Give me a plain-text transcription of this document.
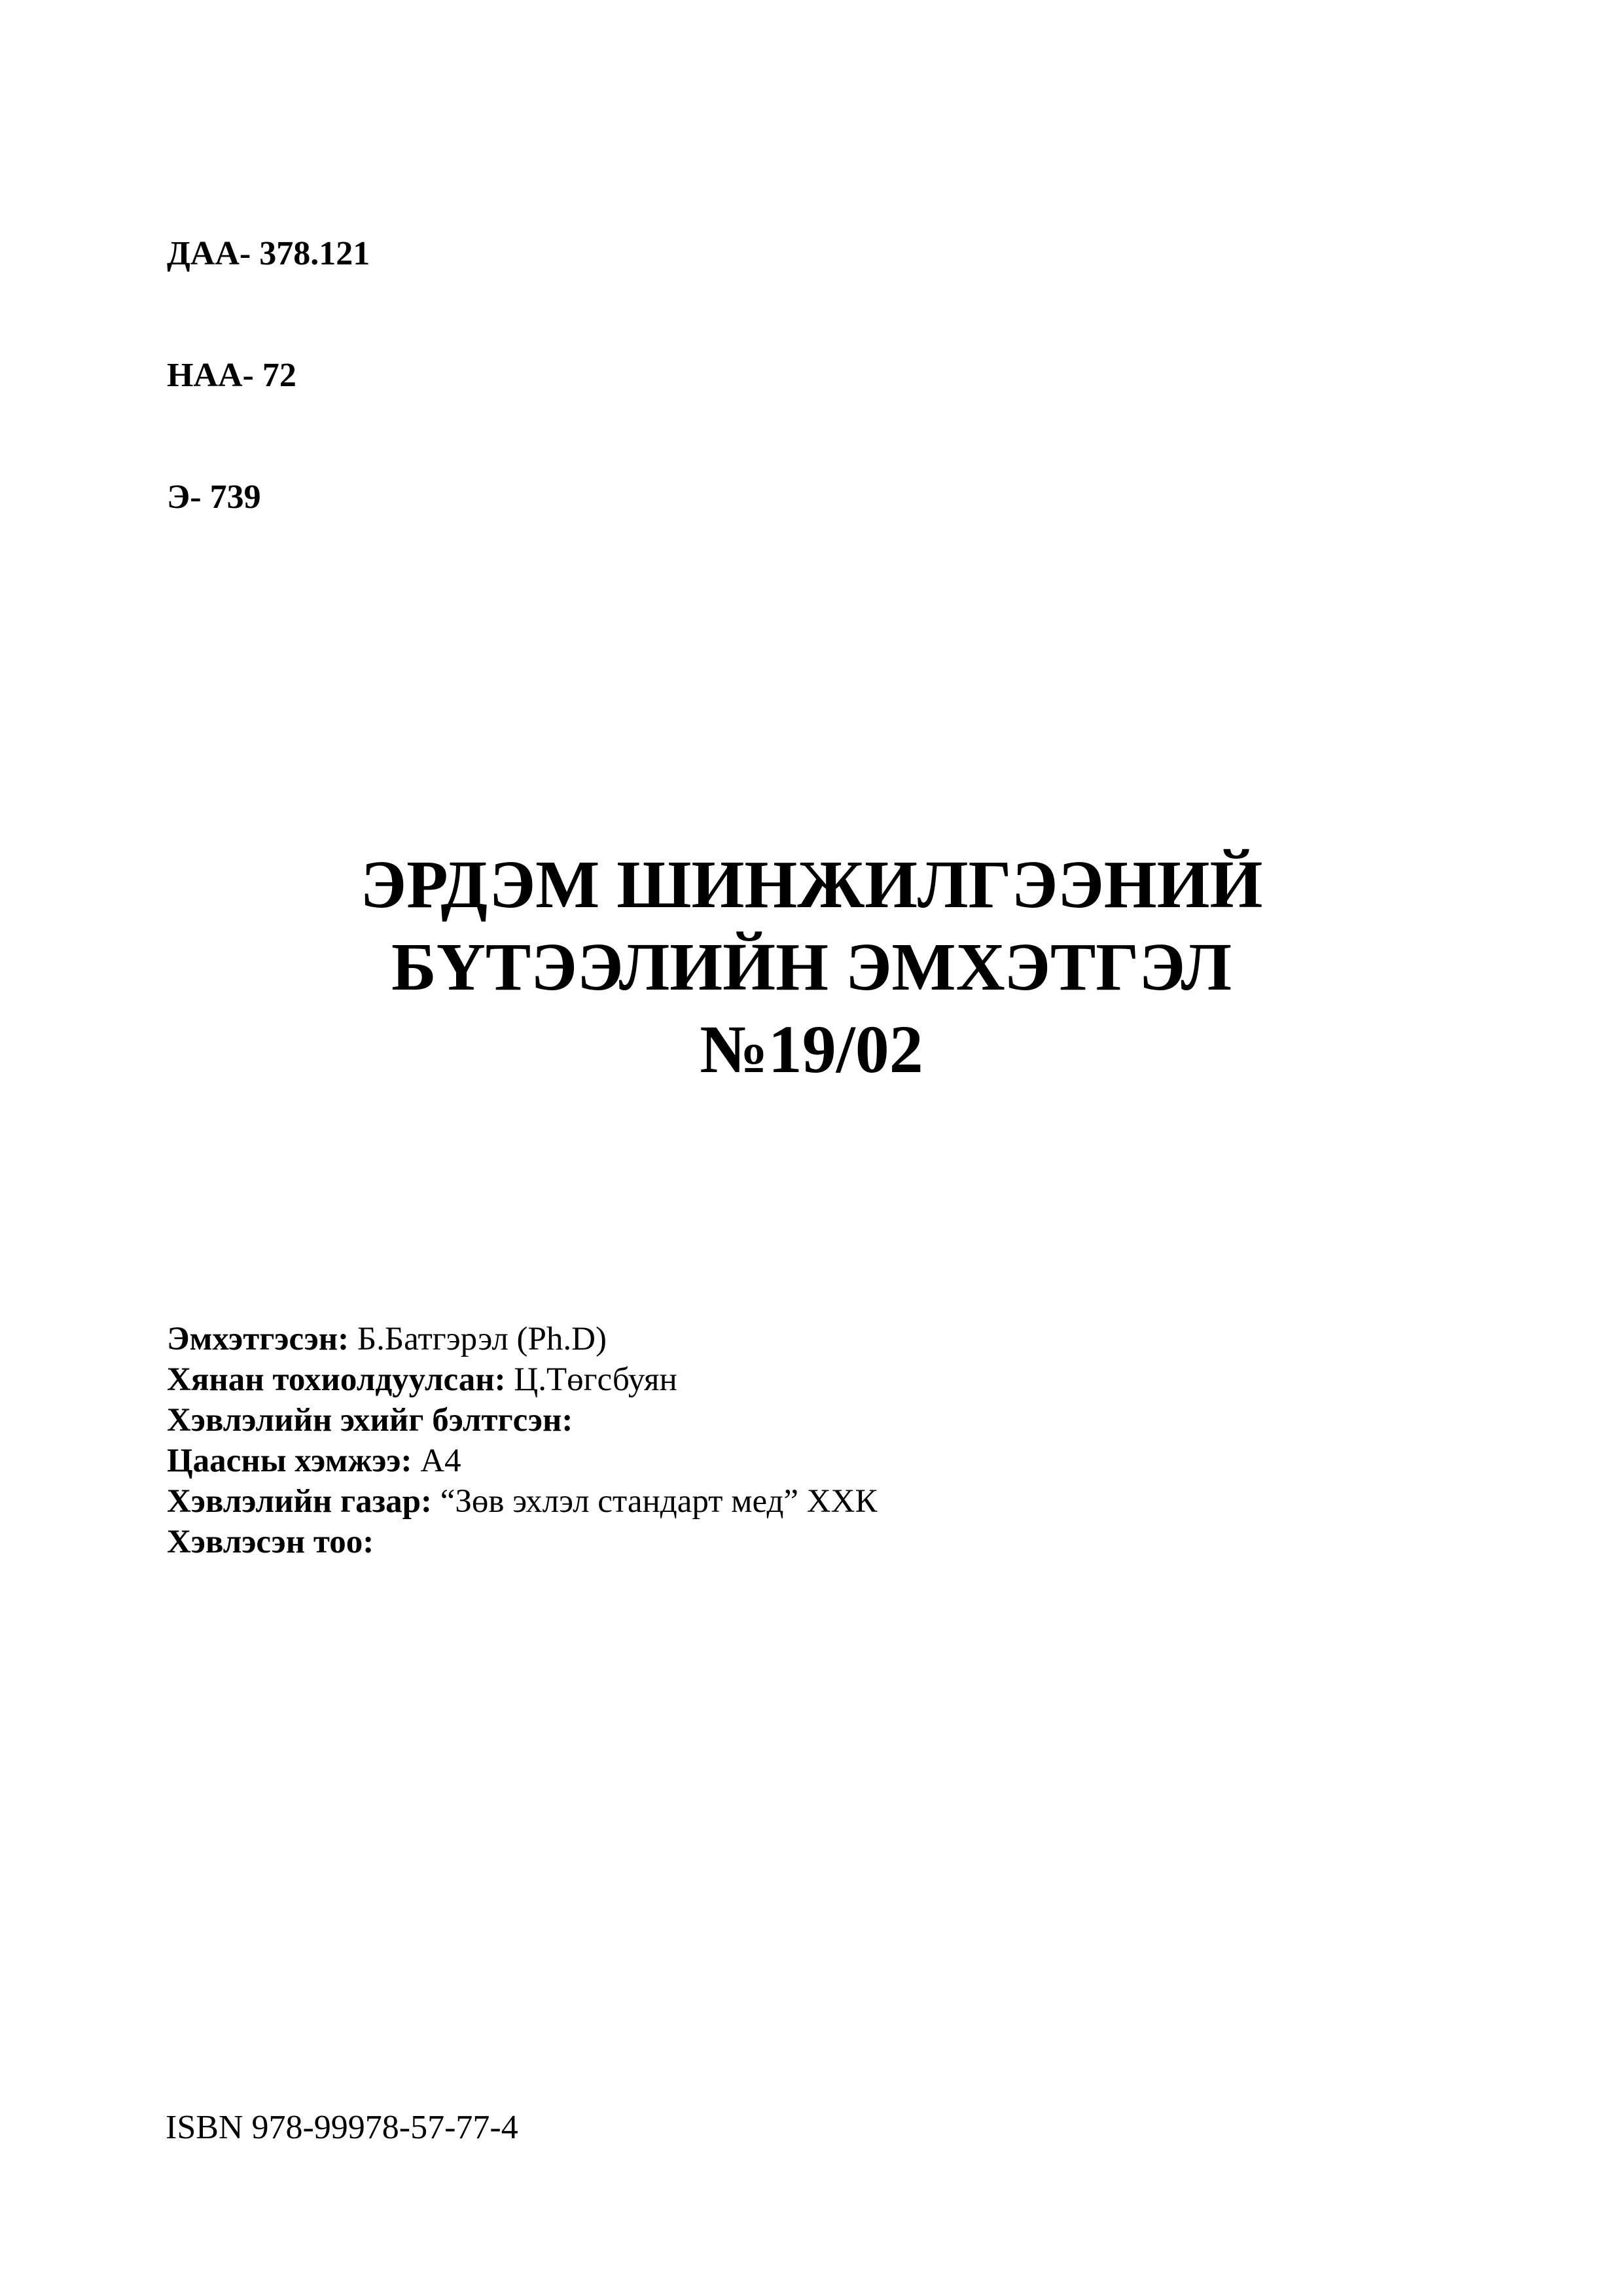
ДАА- 378.121

НАА- 72

Э- 739

ЭРДЭМ ШИНЖИЛГЭЭНИЙ
БҮТЭЭЛИЙН ЭМХЭТГЭЛ
№19/02
Эмхэтгэсэн: Б.Батгэрэл (Ph.D)
Хянан тохиолдуулсан: Ц.Төгсбуян
Хэвлэлийн эхийг бэлтгсэн:
Цаасны хэмжээ: А4
Хэвлэлийн газар: “Зөв эхлэл стандарт мед” ХХК
Хэвлэсэн тоо:
ISBN 978-99978-57-77-4
